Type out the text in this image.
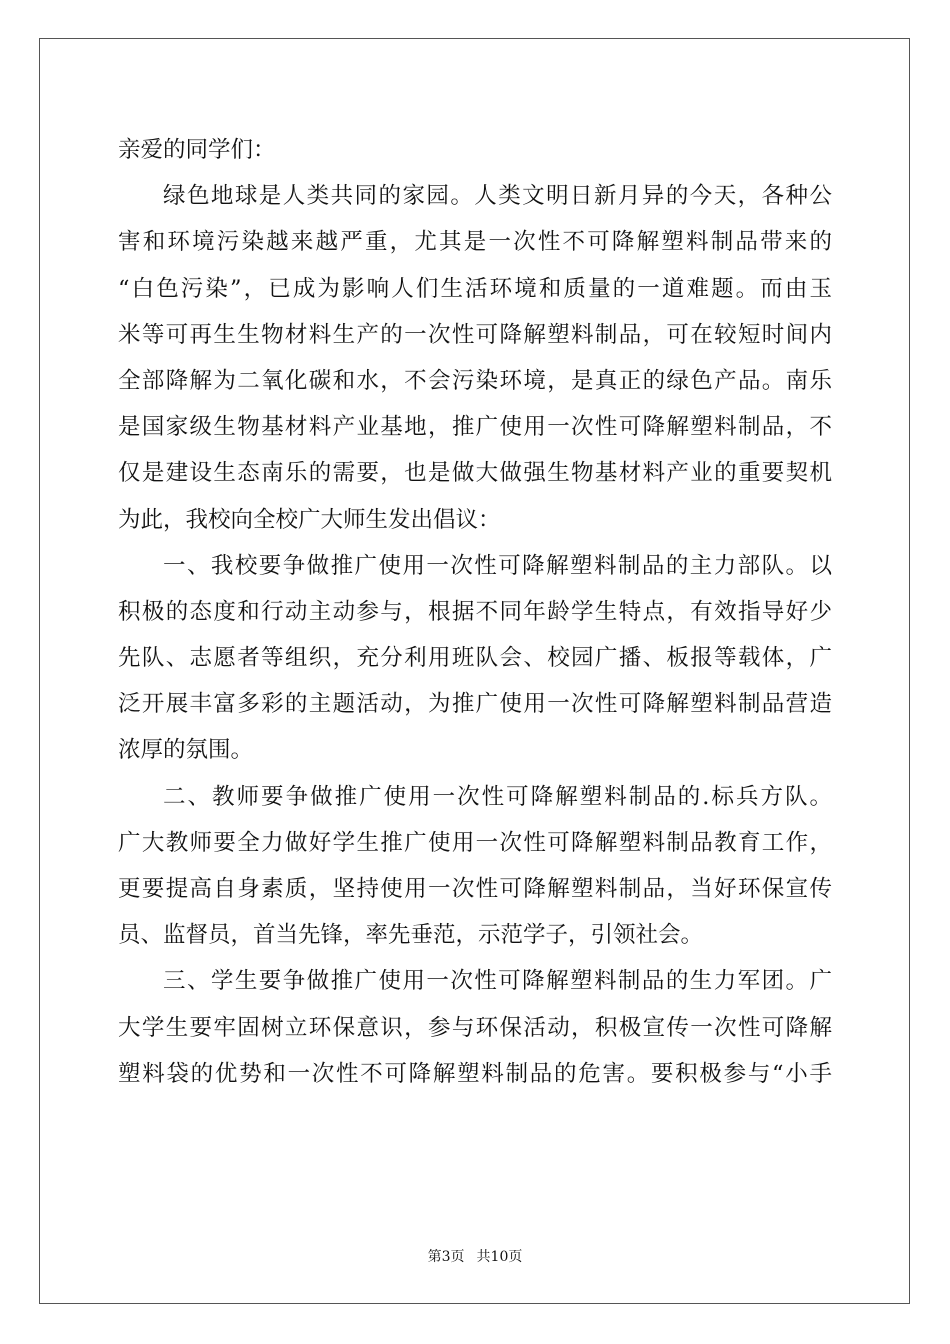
亲爱的同学们：
绿色地球是人类共同的家园。人类文明日新月异的今天，各种公
害和环境污染越来越严重，尤其是一次性不可降解塑料制品带来的
“白色污染”，已成为影响人们生活环境和质量的一道难题。而由玉
米等可再生生物材料生产的一次性可降解塑料制品，可在较短时间内
全部降解为二氧化碳和水，不会污染环境，是真正的绿色产品。南乐
是国家级生物基材料产业基地，推广使用一次性可降解塑料制品，不
仅是建设生态南乐的需要，也是做大做强生物基材料产业的重要契机
为此，我校向全校广大师生发出倡议：
一、我校要争做推广使用一次性可降解塑料制品的主力部队。以
积极的态度和行动主动参与，根据不同年龄学生特点，有效指导好少
先队、志愿者等组织，充分利用班队会、校园广播、板报等载体，广
泛开展丰富多彩的主题活动，为推广使用一次性可降解塑料制品营造
浓厚的氛围。
二、教师要争做推广使用一次性可降解塑料制品的.标兵方队。
广大教师要全力做好学生推广使用一次性可降解塑料制品教育工作，
更要提高自身素质，坚持使用一次性可降解塑料制品，当好环保宣传
员、监督员，首当先锋，率先垂范，示范学子，引领社会。
三、学生要争做推广使用一次性可降解塑料制品的生力军团。广
大学生要牢固树立环保意识，参与环保活动，积极宣传一次性可降解
塑料袋的优势和一次性不可降解塑料制品的危害。要积极参与“小手
第3页 共10页
